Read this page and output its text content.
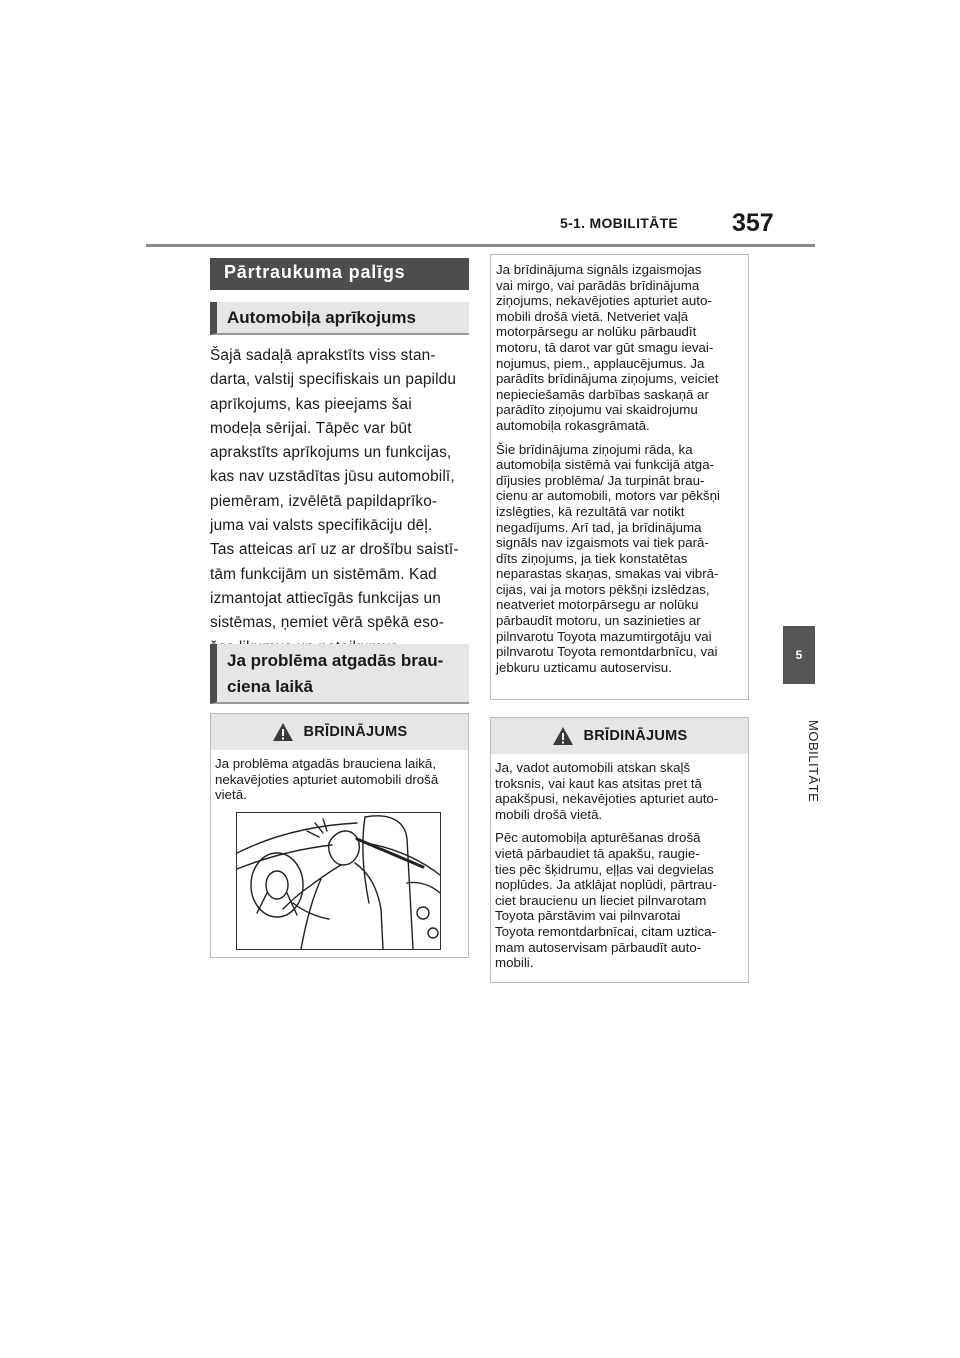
5-1. MOBILITĀTE 357
5
MOBILITĀTE
Pārtraukuma palīgs
Automobiļa aprīkojums

Šajā sadaļā aprakstīts viss stan-

darta, valstij specifiskais un papildu

aprīkojums, kas pieejams šai

modeļa sērijai. Tāpēc var būt

aprakstīts aprīkojums un funkcijas,

kas nav uzstādītas jūsu automobilī,

piemēram, izvēlētā papildaprīko-

juma vai valsts specifikāciju dēļ.

Tas atteicas arī uz ar drošību saistī-

tām funkcijām un sistēmām. Kad

izmantojat attiecīgās funkcijas un

sistēmas, ņemiet vērā spēkā eso-

Ja problēma atgadās brau-
ciena laikā
BRĪDINĀJUMS
Ja problēma atgadās brauciena laikā,
nekavējoties apturiet automobili drošā
vietā.

Ja brīdinājuma signāls izgaismojas
vai mirgo, vai parādās brīdinājuma
ziņojums, nekavējoties apturiet auto-
mobili drošā vietā. Netveriet vaļā
motorpārsegu ar nolūku pārbaudīt
motoru, tā darot var gūt smagu ievai-
nojumus, piem., applaucējumus. Ja
parādīts brīdinājuma ziņojums, veiciet
nepieciešamās darbības saskaņā ar
parādīto ziņojumu vai skaidrojumu
automobiļa rokasgrāmatā.

Šie brīdinājuma ziņojumi rāda, ka
automobiļa sistēmā vai funkcijā atga-
dījusies problēma/ Ja turpināt brau-
cienu ar automobili, motors var pēkšņi
izslēgties, kā rezultātā var notikt
negadījums. Arī tad, ja brīdinājuma
signāls nav izgaismots vai tiek parā-
dīts ziņojums, ja tiek konstatētas
neparastas skaņas, smakas vai vibrā-
cijas, vai ja motors pēkšņi izslēdzas,
neatveriet motorpārsegu ar nolūku
pārbaudīt motoru, un sazinieties ar
pilnvarotu Toyota mazumtirgotāju vai
pilnvarotu Toyota remontdarbnīcu, vai
jebkuru uzticamu autoservisu.

BRĪDINĀJUMS

Ja, vadot automobili atskan skaļš
troksnis, vai kaut kas atsitas pret tā
apakšpusi, nekavējoties apturiet auto-
mobili drošā vietā.

Pēc automobiļa apturēšanas drošā
vietā pārbaudiet tā apakšu, raugie-
ties pēc šķidrumu, eļļas vai degvielas
noplūdes. Ja atklājat noplūdi, pārtrau-
ciet braucienu un lieciet pilnvarotam
Toyota pārstāvim vai pilnvarotai
Toyota remontdarbnīcai, citam uztica-
mam autoservisam pārbaudīt auto-
mobili.
